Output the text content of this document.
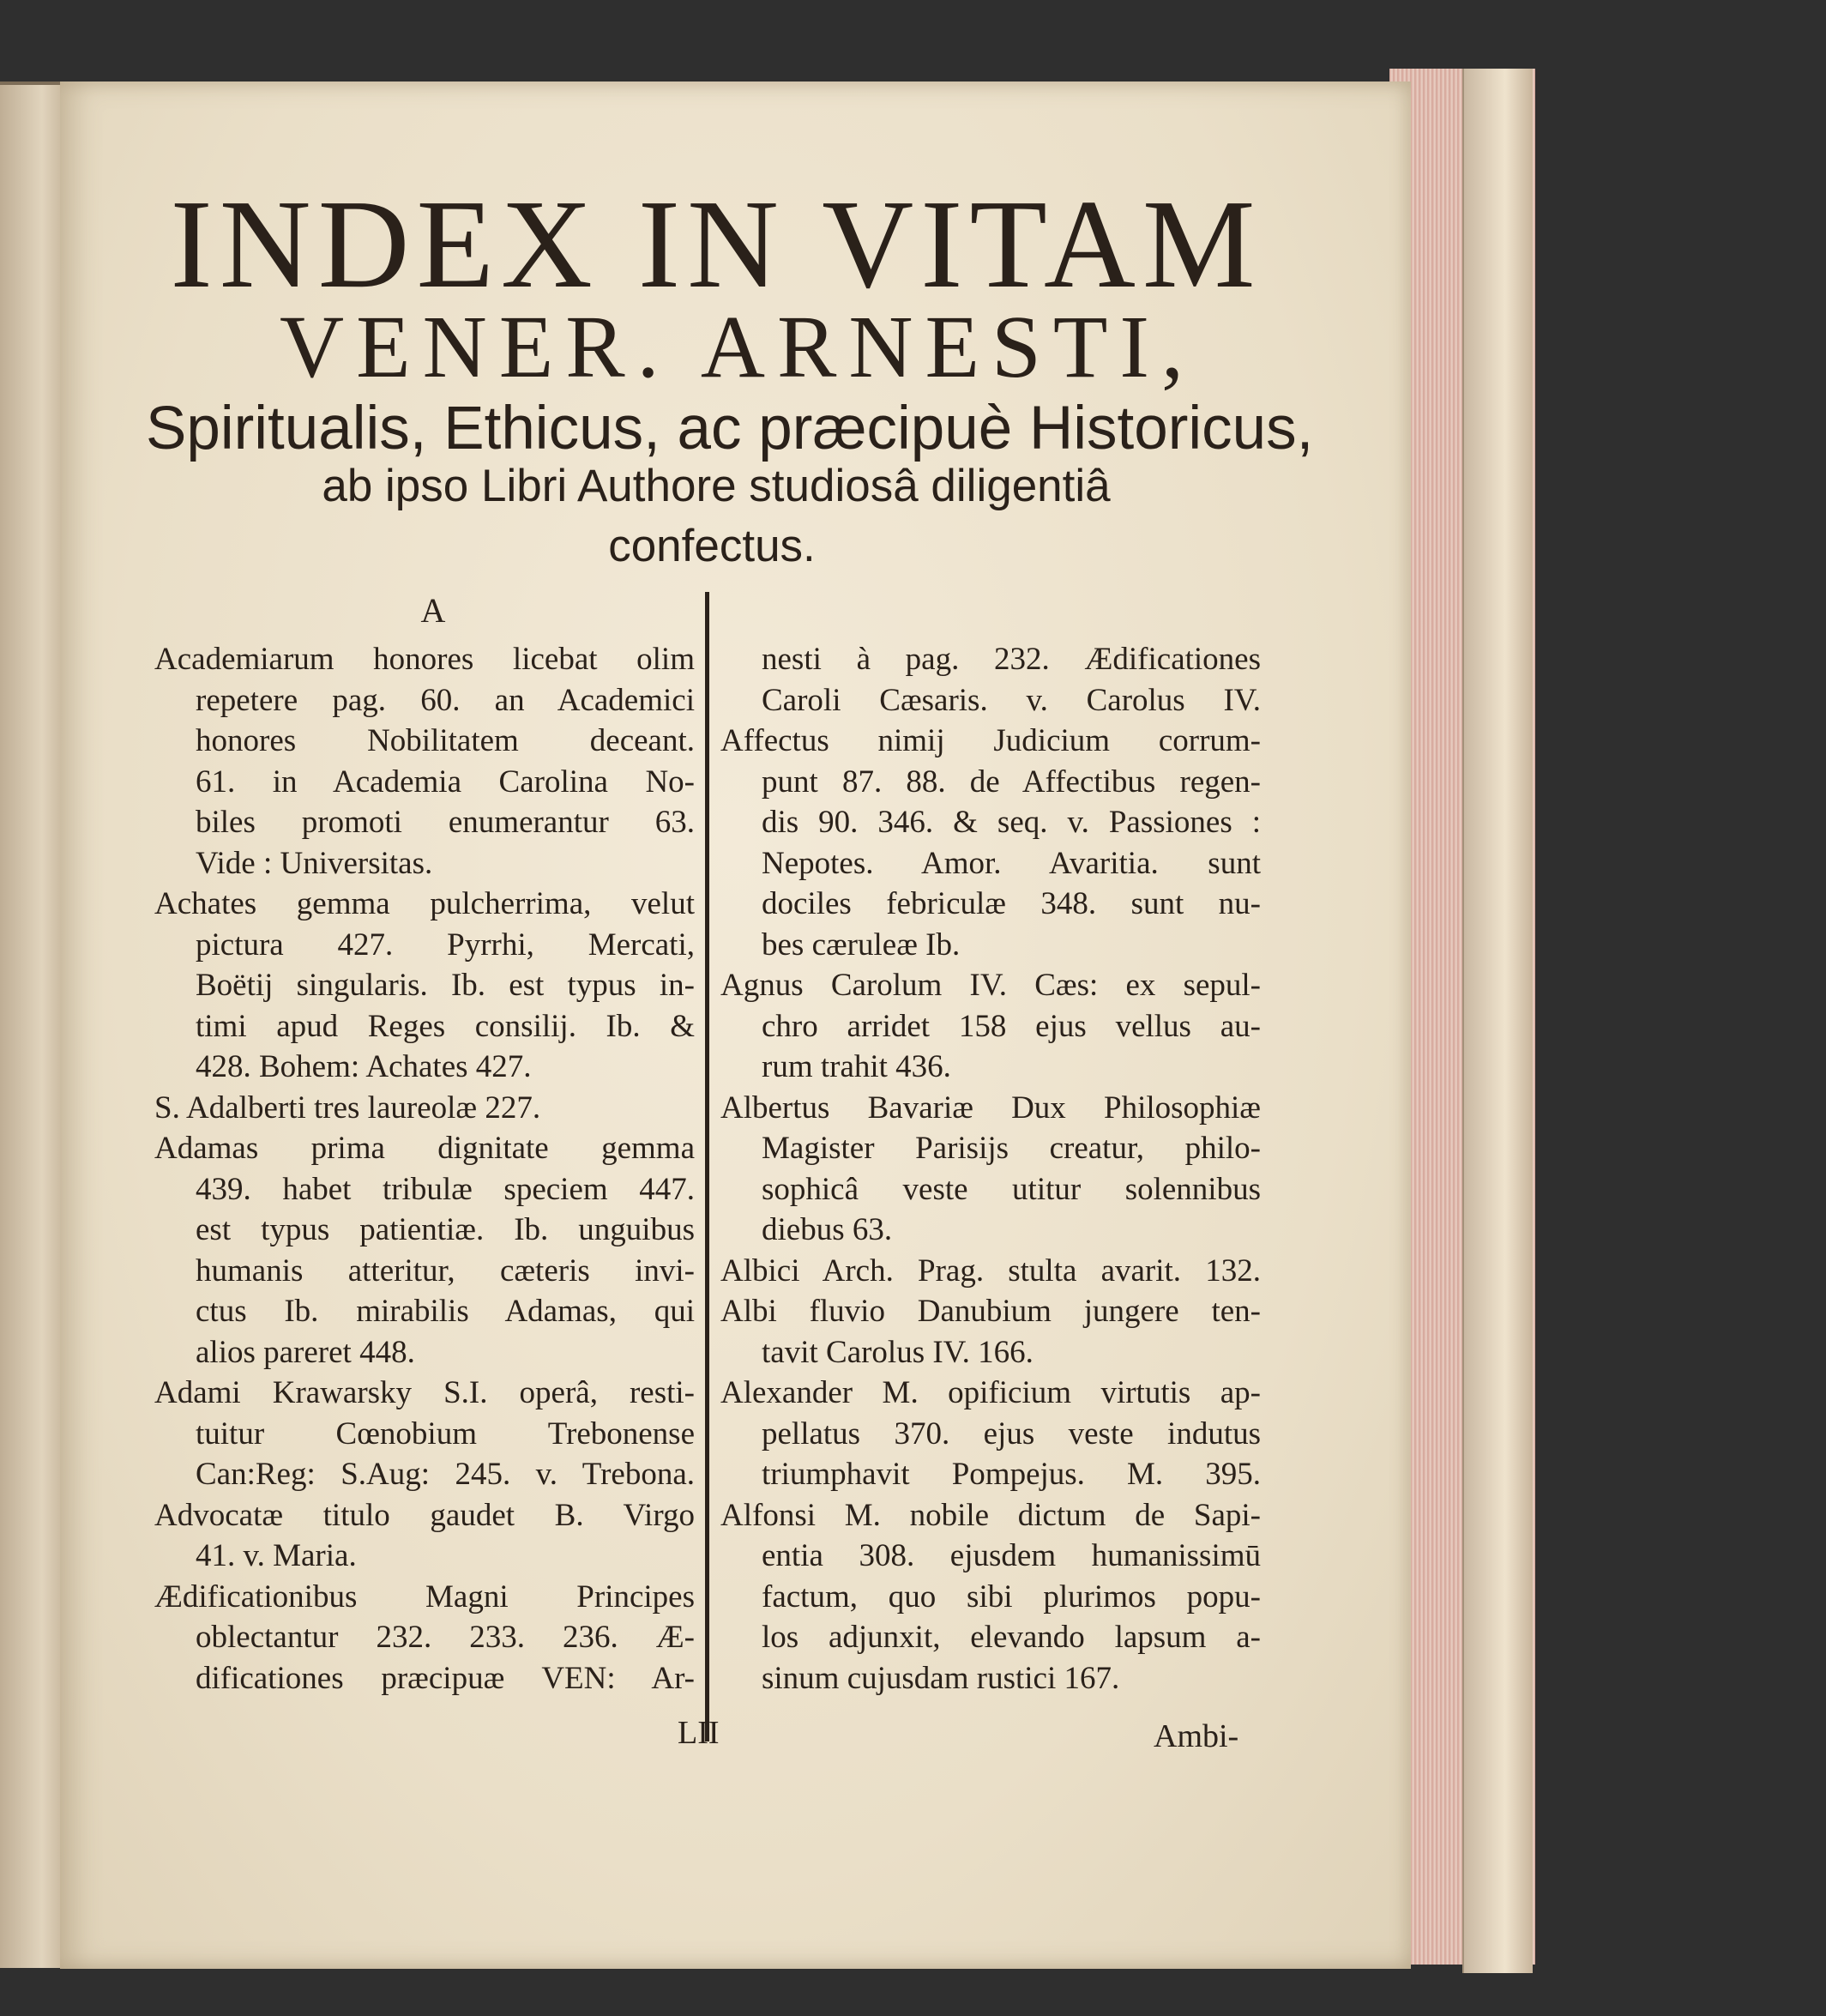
INDEX IN VITAM
VENER. ARNESTI,
Spiritualis, Ethicus, ac præcipuè Historicus,
ab ipso Libri Authore studiosâ diligentiâ
confectus.
A
Academiarum honores licebat olim
repetere pag. 60. an Academici
honores Nobilitatem deceant.
61. in Academia Carolina No-
biles promoti enumerantur 63.
Vide : Universitas.
Achates gemma pulcherrima, velut
pictura 427. Pyrrhi, Mercati,
Boëtij singularis. Ib. est typus in-
timi apud Reges consilij. Ib. &
428. Bohem: Achates 427.
S. Adalberti tres laureolæ 227.
Adamas prima dignitate gemma
439. habet tribulæ speciem 447.
est typus patientiæ. Ib. unguibus
humanis atteritur, cæteris invi-
ctus Ib. mirabilis Adamas, qui
alios pareret 448.
Adami Krawarsky S.I. operâ, resti-
tuitur Cœnobium Trebonense
Can:Reg: S.Aug: 245. v. Trebona.
Advocatæ titulo gaudet B. Virgo
41. v. Maria.
Ædificationibus Magni Principes
oblectantur 232. 233. 236. Æ-
dificationes præcipuæ VEN: Ar-
nesti à pag. 232. Ædificationes
Caroli Cæsaris. v. Carolus IV.
Affectus nimij Judicium corrum-
punt 87. 88. de Affectibus regen-
dis 90. 346. & seq. v. Passiones :
Nepotes. Amor. Avaritia. sunt
dociles febriculæ 348. sunt nu-
bes cæruleæ Ib.
Agnus Carolum IV. Cæs: ex sepul-
chro arridet 158 ejus vellus au-
rum trahit 436.
Albertus Bavariæ Dux Philosophiæ
Magister Parisijs creatur, philo-
sophicâ veste utitur solennibus
diebus 63.
Albici Arch. Prag. stulta avarit. 132.
Albi fluvio Danubium jungere ten-
tavit Carolus IV. 166.
Alexander M. opificium virtutis ap-
pellatus 370. ejus veste indutus
triumphavit Pompejus. M. 395.
Alfonsi M. nobile dictum de Sapi-
entia 308. ejusdem humanissimū
factum, quo sibi plurimos popu-
los adjunxit, elevando lapsum a-
sinum cujusdam rustici 167.
LII	Ambi-
